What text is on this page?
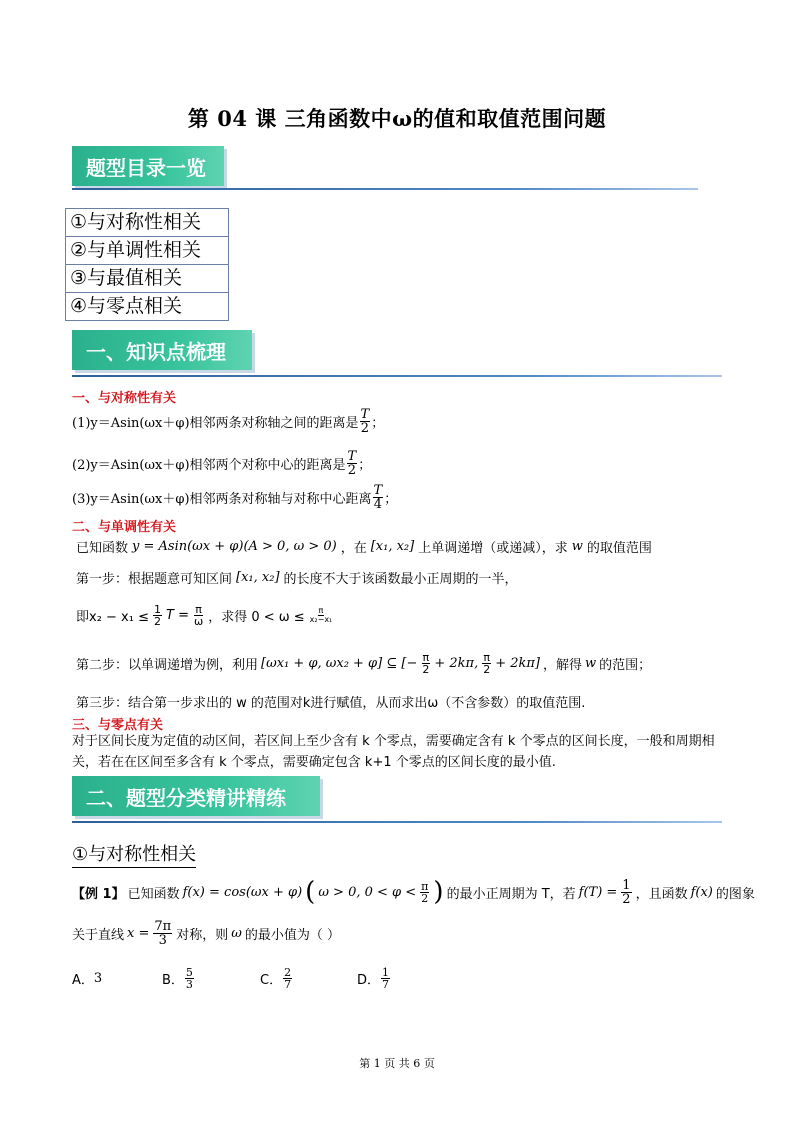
第 04 课 三角函数中ω的值和取值范围问题
题型目录一览
①与对称性相关
②与单调性相关
③与最值相关
④与零点相关
一、知识点梳理
一、与对称性有关
(1)y＝Asin(ωx＋φ)相邻两条对称轴之间的距离是 $\frac{T}{2}$ ；
(2)y＝Asin(ωx＋φ)相邻两个对称中心的距离是 $\frac{T}{2}$ ；
(3)y＝Asin(ωx＋φ)相邻两条对称轴与对称中心距离 $\frac{T}{4}$ ；
二、与单调性有关
已知函数 y = Asin(ωx + φ)(A > 0, ω > 0) ，在 [x₁, x₂] 上单调递增（或递减），求 w 的取值范围
第一步：根据题意可知区间 [x₁, x₂] 的长度不大于该函数最小正周期的一半，
即$x_2 - x_1 \le \frac{1}{2}$ $T = \frac{\pi}{\omega}$ ，求得 $0 < \omega \le \frac{\pi}{\text{x₂−x₁}}$
第二步：以单调递增为例，利用 [ωx₁ + φ, ωx₂ + φ] ⊆ [− $\frac{\pi}{2} + 2k\pi$, $\frac{\pi}{2} + 2k\pi$] ，解得 w 的范围；
第三步：结合第一步求出的 w 的范围对k进行赋值，从而求出ω（不含参数）的取值范围.
三、与零点有关
对于区间长度为定值的动区间，若区间上至少含有 k 个零点，需要确定含有 k 个零点的区间长度，一般和周期相关，若在在区间至多含有 k 个零点，需要确定包含 k+1 个零点的区间长度的最小值.
二、题型分类精讲精练
①与对称性相关
【例 1】 已知函数 f(x) = cos(ωx + φ) ( ω > 0, $0 < \varphi < \frac{\pi}{2}$ ) 的最小正周期为 T，若 $f(T) = \frac{1}{2}$ ，且函数 f(x) 的图象
关于直线 $x = \frac{7\pi}{3}$ 对称，则 ω 的最小值为（ ）
A． 3	B． $\frac{5}{3}$	C． $\frac{2}{7}$	D． $\frac{1}{7}$
第 1 页 共 6 页
